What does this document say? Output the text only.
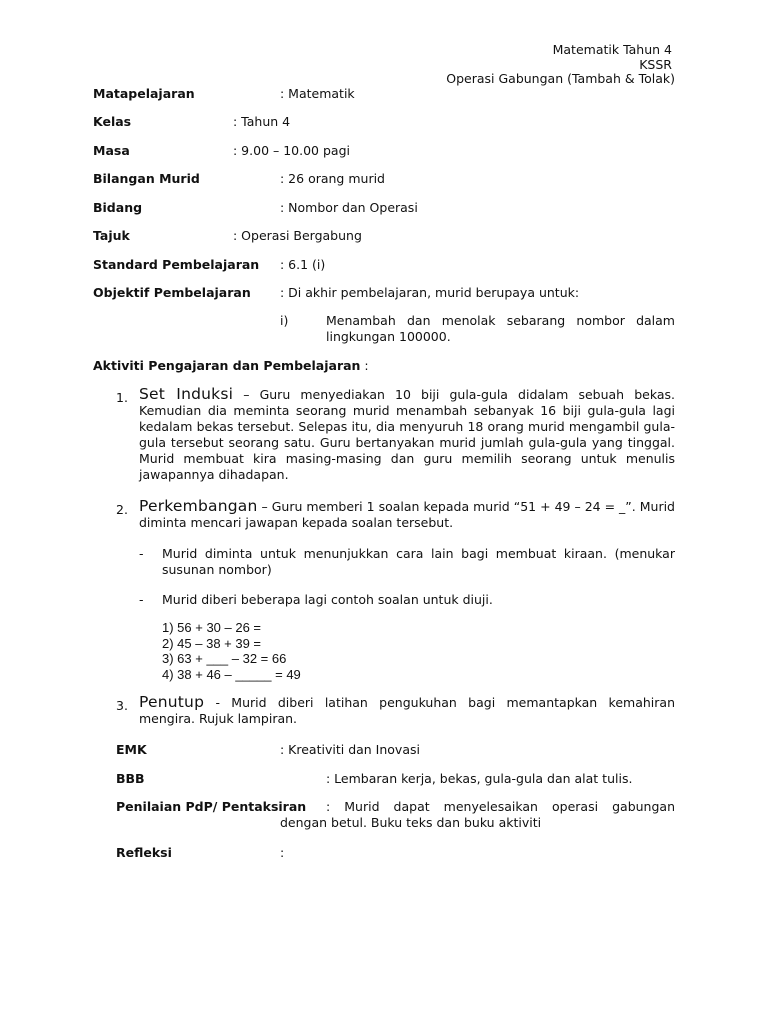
Matematik Tahun 4
KSSR
Operasi Gabungan (Tambah & Tolak)
Matapelajaran	: Matematik
Kelas	: Tahun 4
Masa	: 9.00 – 10.00 pagi
Bilangan Murid	: 26 orang murid
Bidang	: Nombor dan Operasi
Tajuk	: Operasi Bergabung
Standard Pembelajaran : 6.1 (i)
Objektif Pembelajaran : Di akhir pembelajaran, murid berupaya untuk:
i)	Menambah dan menolak sebarang nombor dalam lingkungan 100000.
Aktiviti Pengajaran dan Pembelajaran :
1. Set Induksi – Guru menyediakan 10 biji gula-gula didalam sebuah bekas. Kemudian dia meminta seorang murid menambah sebanyak 16 biji gula-gula lagi kedalam bekas tersebut. Selepas itu, dia menyuruh 18 orang murid mengambil gula-gula tersebut seorang satu. Guru bertanyakan murid jumlah gula-gula yang tinggal. Murid membuat kira masing-masing dan guru memilih seorang untuk menulis jawapannya dihadapan.
2. Perkembangan – Guru memberi 1 soalan kepada murid “51 + 49 – 24 = _”. Murid diminta mencari jawapan kepada soalan tersebut.
- Murid diminta untuk menunjukkan cara lain bagi membuat kiraan. (menukar susunan nombor)
- Murid diberi beberapa lagi contoh soalan untuk diuji.
1) 56 + 30 – 26 =
2) 45 – 38 + 39 =
3) 63 + ___ – 32 = 66
4) 38 + 46 – _____ = 49
3. Penutup - Murid diberi latihan pengukuhan bagi memantapkan kemahiran mengira. Rujuk lampiran.
EMK	: Kreativiti dan Inovasi
BBB	: Lembaran kerja, bekas, gula-gula dan alat tulis.
Penilaian PdP/ Pentaksiran : Murid dapat menyelesaikan operasi gabungan
dengan betul. Buku teks dan buku aktiviti
Refleksi	:
